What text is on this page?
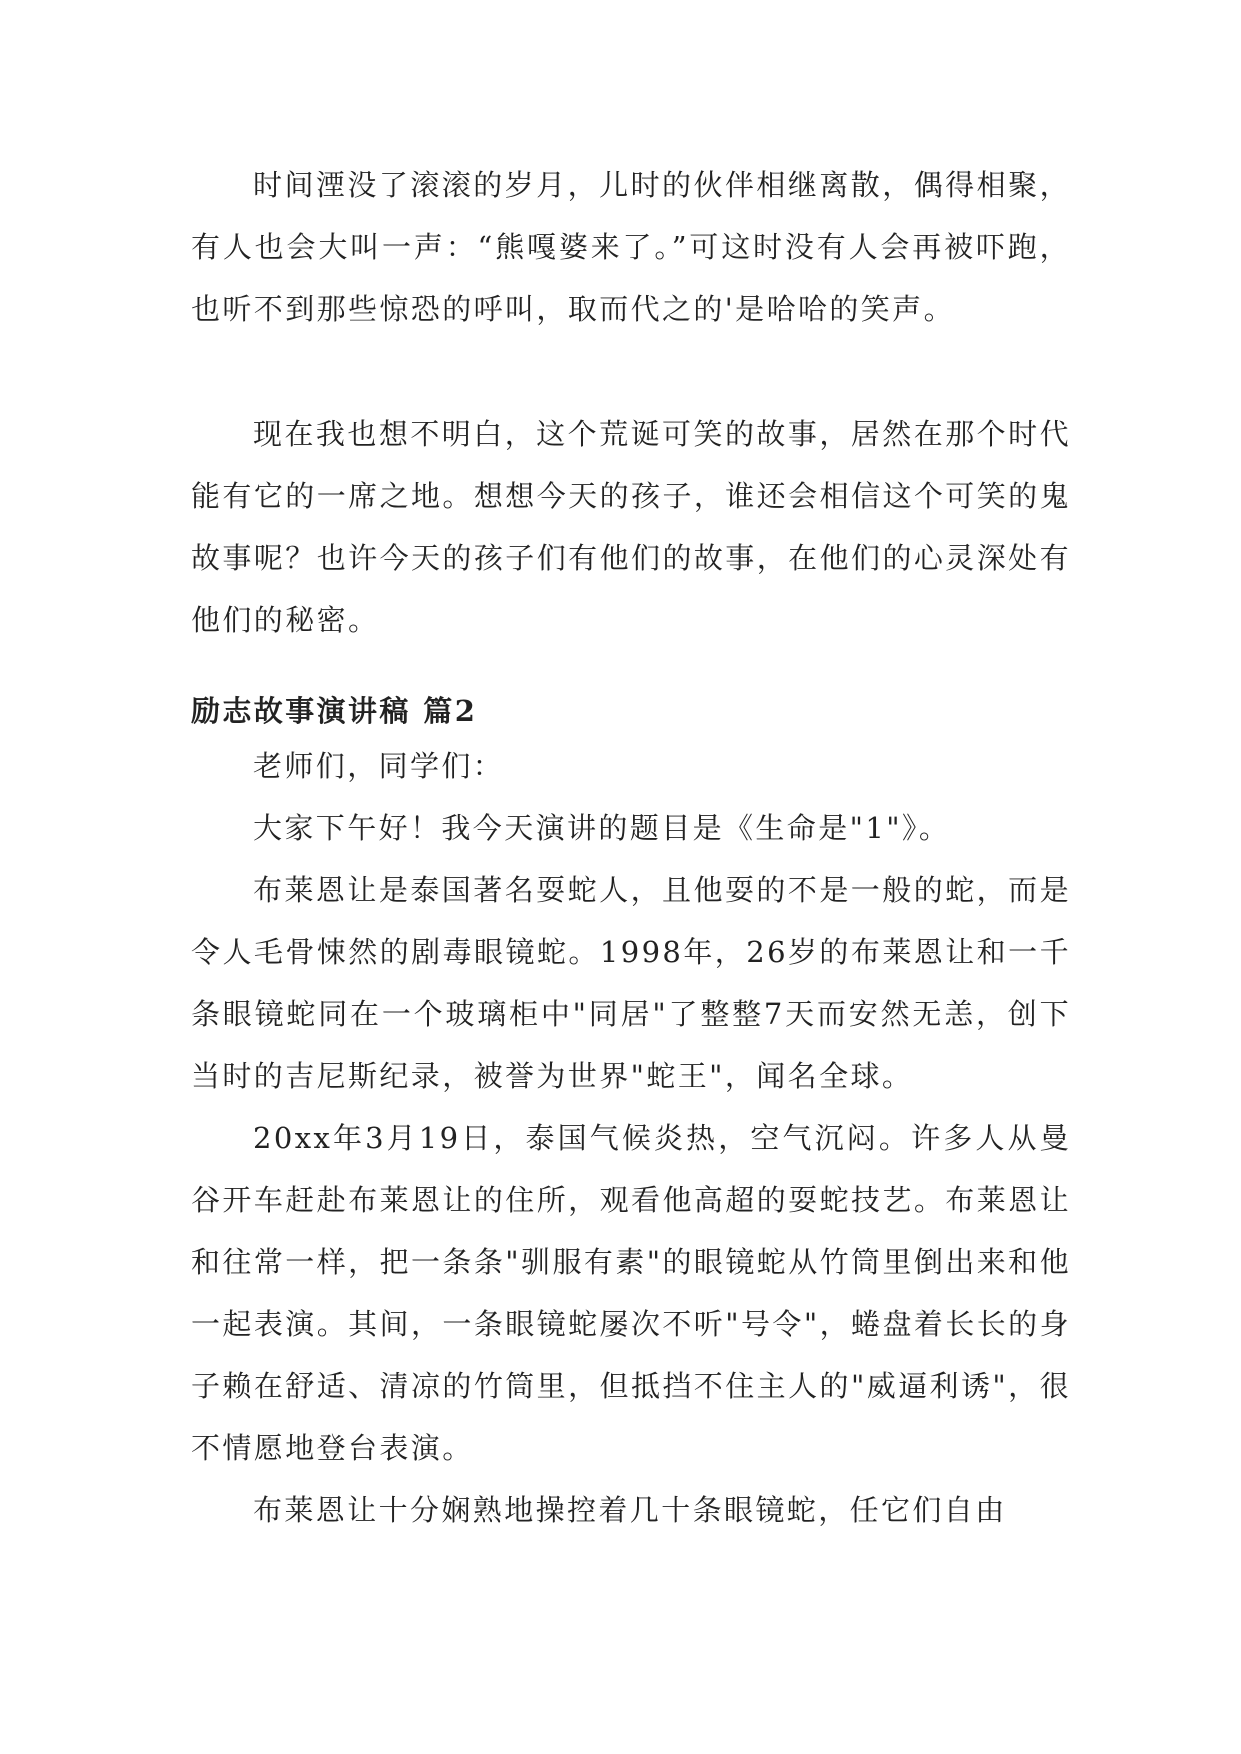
时间湮没了滚滚的岁月，儿时的伙伴相继离散，偶得相聚，有人也会大叫一声：“熊嘎婆来了。”可这时没有人会再被吓跑，也听不到那些惊恐的呼叫，取而代之的'是哈哈的笑声。

现在我也想不明白，这个荒诞可笑的故事，居然在那个时代能有它的一席之地。想想今天的孩子，谁还会相信这个可笑的鬼故事呢？也许今天的孩子们有他们的故事，在他们的心灵深处有他们的秘密。

励志故事演讲稿 篇2

老师们，同学们：

大家下午好！我今天演讲的题目是《生命是"1"》。

布莱恩让是泰国著名耍蛇人，且他耍的不是一般的蛇，而是令人毛骨悚然的剧毒眼镜蛇。1998年，26岁的布莱恩让和一千条眼镜蛇同在一个玻璃柜中"同居"了整整7天而安然无恙，创下当时的吉尼斯纪录，被誉为世界"蛇王"，闻名全球。

20xx年3月19日，泰国气候炎热，空气沉闷。许多人从曼谷开车赶赴布莱恩让的住所，观看他高超的耍蛇技艺。布莱恩让和往常一样，把一条条"驯服有素"的眼镜蛇从竹筒里倒出来和他一起表演。其间，一条眼镜蛇屡次不听"号令"，蜷盘着长长的身子赖在舒适、清凉的竹筒里，但抵挡不住主人的"威逼利诱"，很不情愿地登台表演。

布莱恩让十分娴熟地操控着几十条眼镜蛇，任它们自由
